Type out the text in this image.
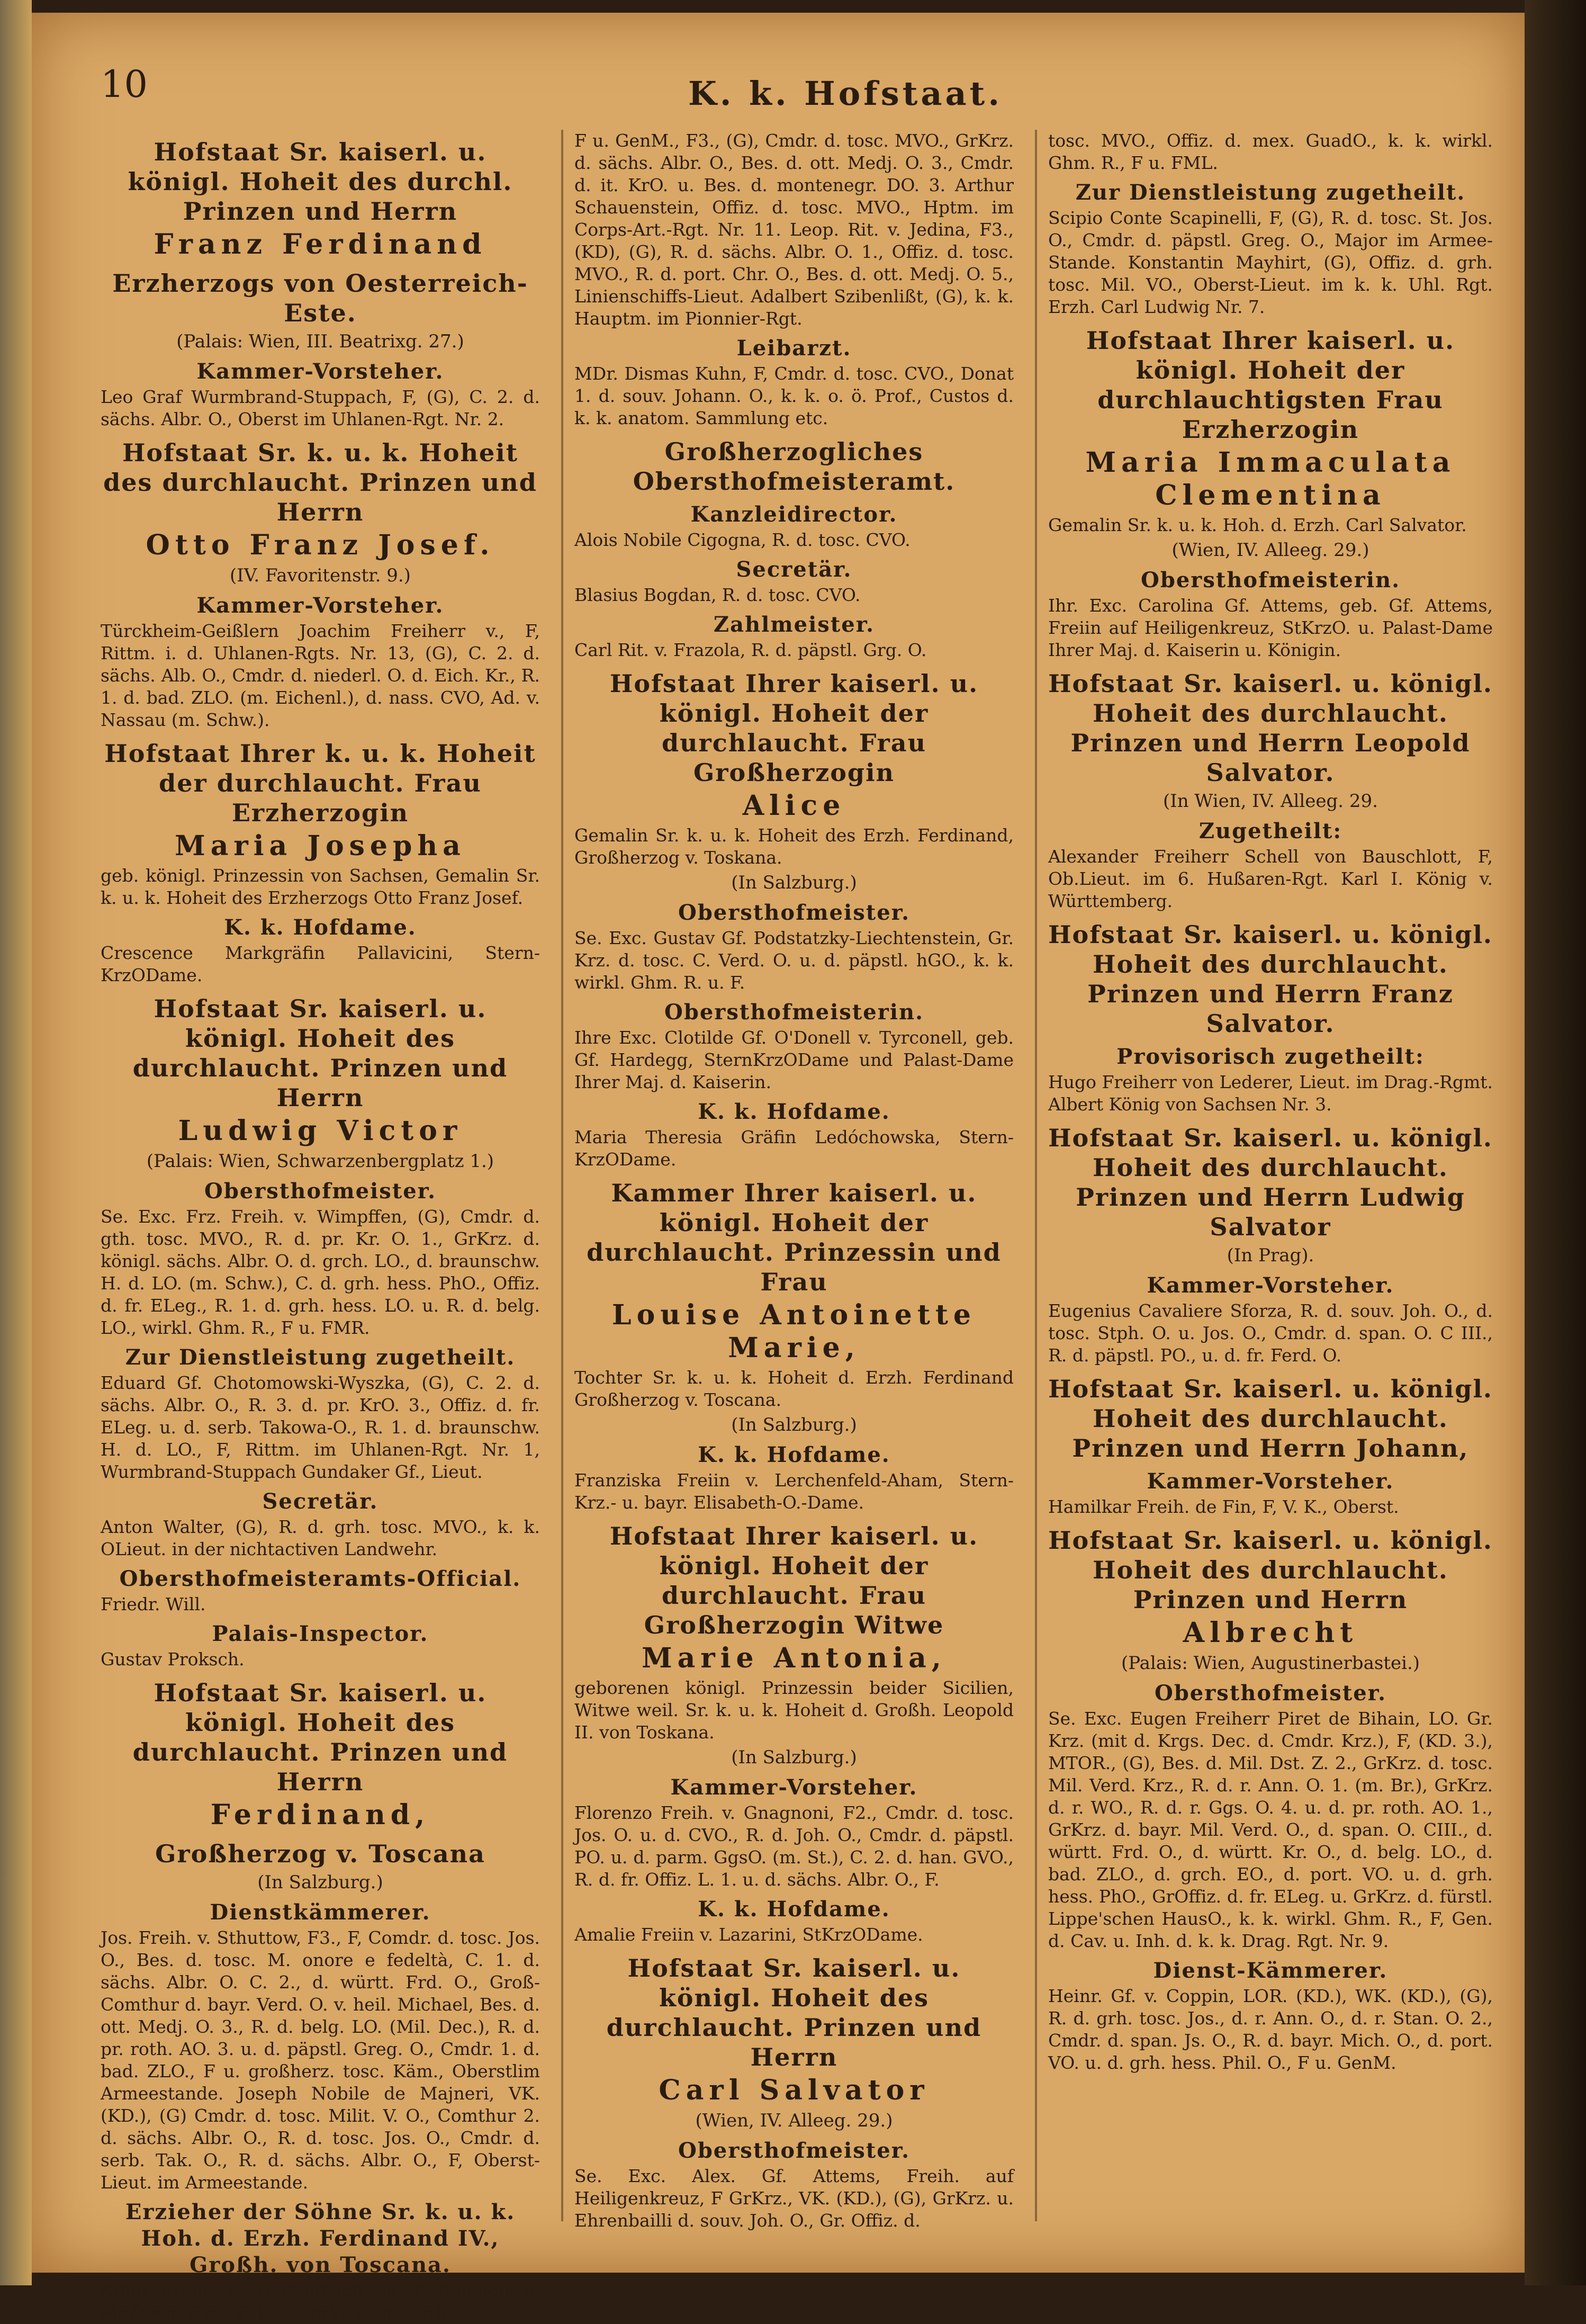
10	K. k. Hofstaat.
Hofstaat Sr. kaiserl. u. königl. Hoheit des durchl. Prinzen und Herrn
Franz Ferdinand
Erzherzogs von Oesterreich-Este.
(Palais: Wien, III. Beatrixg. 27.)
Kammer-Vorsteher.
Leo Graf Wurmbrand-Stuppach, F, (G), C. 2. d. sächs. Albr. O., Oberst im Uhlanen-Rgt. Nr. 2.
Hofstaat Sr. k. u. k. Hoheit des durchlaucht. Prinzen und Herrn
Otto Franz Josef.
(IV. Favoritenstr. 9.)
Kammer-Vorsteher.
Türckheim-Geißlern Joachim Freiherr v., F, Rittm. i. d. Uhlanen-Rgts. Nr. 13, (G), C. 2. d. sächs. Alb. O., Cmdr. d. niederl. O. d. Eich. Kr., R. 1. d. bad. ZLO. (m. Eichenl.), d. nass. CVO, Ad. v. Nassau (m. Schw.).
Hofstaat Ihrer k. u. k. Hoheit der durchlaucht. Frau Erzherzogin
Maria Josepha
geb. königl. Prinzessin von Sachsen, Gemalin Sr. k. u. k. Hoheit des Erzherzogs Otto Franz Josef.
K. k. Hofdame.
Crescence Markgräfin Pallavicini, Stern-KrzODame.
Hofstaat Sr. kaiserl. u. königl. Hoheit des durchlaucht. Prinzen und Herrn
Ludwig Victor
(Palais: Wien, Schwarzenbergplatz 1.)
Obersthofmeister.
Se. Exc. Frz. Freih. v. Wimpffen, (G), Cmdr. d. gth. tosc. MVO., R. d. pr. Kr. O. 1., GrKrz. d. königl. sächs. Albr. O. d. grch. LO., d. braunschw. H. d. LO. (m. Schw.), C. d. grh. hess. PhO., Offiz. d. fr. ELeg., R. 1. d. grh. hess. LO. u. R. d. belg. LO., wirkl. Ghm. R., F u. FMR.
Zur Dienstleistung zugetheilt.
Eduard Gf. Chotomowski-Wyszka, (G), C. 2. d. sächs. Albr. O., R. 3. d. pr. KrO. 3., Offiz. d. fr. ELeg. u. d. serb. Takowa-O., R. 1. d. braunschw. H. d. LO., F, Rittm. im Uhlanen-Rgt. Nr. 1, Wurmbrand-Stuppach Gundaker Gf., Lieut.
Secretär.
Anton Walter, (G), R. d. grh. tosc. MVO., k. k. OLieut. in der nichtactiven Landwehr.
Obersthofmeisteramts-Official.
Friedr. Will.
Palais-Inspector.
Gustav Proksch.
Hofstaat Sr. kaiserl. u. königl. Hoheit des durchlaucht. Prinzen und Herrn
Ferdinand,
Großherzog v. Toscana
(In Salzburg.)
Dienstkämmerer.
Jos. Freih. v. Sthuttow, F3., F, Comdr. d. tosc. Jos. O., Bes. d. tosc. M. onore e fedeltà, C. 1. d. sächs. Albr. O. C. 2., d. württ. Frd. O., Groß-Comthur d. bayr. Verd. O. v. heil. Michael, Bes. d. ott. Medj. O. 3., R. d. belg. LO. (Mil. Dec.), R. d. pr. roth. AO. 3. u. d. päpstl. Greg. O., Cmdr. 1. d. bad. ZLO., F u. großherz. tosc. Käm., Oberstlim Armeestande. Joseph Nobile de Majneri, VK. (KD.), (G) Cmdr. d. tosc. Milit. V. O., Comthur 2. d. sächs. Albr. O., R. d. tosc. Jos. O., Cmdr. d. serb. Tak. O., R. d. sächs. Albr. O., F, Oberst-Lieut. im Armeestande.
Erzieher der Söhne Sr. k. u. k. Hoh. d. Erzh. Ferdinand IV., Großh. von Toscana.
Albin Freih. v. Teuffenbach zu Tiefenbach u. Maßweg, Exc., F, k. k. wirkl. Geh.-Rath,
F u. GenM., F3., (G), Cmdr. d. tosc. MVO., GrKrz. d. sächs. Albr. O., Bes. d. ott. Medj. O. 3., Cmdr. d. it. KrO. u. Bes. d. montenegr. DO. 3. Arthur Schauenstein, Offiz. d. tosc. MVO., Hptm. im Corps-Art.-Rgt. Nr. 11. Leop. Rit. v. Jedina, F3., (KD), (G), R. d. sächs. Albr. O. 1., Offiz. d. tosc. MVO., R. d. port. Chr. O., Bes. d. ott. Medj. O. 5., Linienschiffs-Lieut. Adalbert Szibenlißt, (G), k. k. Hauptm. im Pionnier-Rgt.
Leibarzt.
MDr. Dismas Kuhn, F, Cmdr. d. tosc. CVO., Donat 1. d. souv. Johann. O., k. k. o. ö. Prof., Custos d. k. k. anatom. Sammlung etc.
Großherzogliches Obersthofmeisteramt.
Kanzleidirector.
Alois Nobile Cigogna, R. d. tosc. CVO.
Secretär.
Blasius Bogdan, R. d. tosc. CVO.
Zahlmeister.
Carl Rit. v. Frazola, R. d. päpstl. Grg. O.
Hofstaat Ihrer kaiserl. u. königl. Hoheit der durchlaucht. Frau Großherzogin
Alice
Gemalin Sr. k. u. k. Hoheit des Erzh. Ferdinand, Großherzog v. Toskana.
(In Salzburg.)
Obersthofmeister.
Se. Exc. Gustav Gf. Podstatzky-Liechtenstein, Gr. Krz. d. tosc. C. Verd. O. u. d. päpstl. hGO., k. k. wirkl. Ghm. R. u. F.
Obersthofmeisterin.
Ihre Exc. Clotilde Gf. O'Donell v. Tyrconell, geb. Gf. Hardegg, SternKrzODame und Palast-Dame Ihrer Maj. d. Kaiserin.
K. k. Hofdame.
Maria Theresia Gräfin Ledóchowska, Stern-KrzODame.
Kammer Ihrer kaiserl. u. königl. Hoheit der durchlaucht. Prinzessin und Frau
Louise Antoinette Marie,
Tochter Sr. k. u. k. Hoheit d. Erzh. Ferdinand Großherzog v. Toscana.
(In Salzburg.)
K. k. Hofdame.
Franziska Freiin v. Lerchenfeld-Aham, Stern-Krz.- u. bayr. Elisabeth-O.-Dame.
Hofstaat Ihrer kaiserl. u. königl. Hoheit der durchlaucht. Frau Großherzogin Witwe
Marie Antonia,
geborenen königl. Prinzessin beider Sicilien, Witwe weil. Sr. k. u. k. Hoheit d. Großh. Leopold II. von Toskana.
(In Salzburg.)
Kammer-Vorsteher.
Florenzo Freih. v. Gnagnoni, F2., Cmdr. d. tosc. Jos. O. u. d. CVO., R. d. Joh. O., Cmdr. d. päpstl. PO. u. d. parm. GgsO. (m. St.), C. 2. d. han. GVO., R. d. fr. Offiz. L. 1. u. d. sächs. Albr. O., F.
K. k. Hofdame.
Amalie Freiin v. Lazarini, StKrzODame.
Hofstaat Sr. kaiserl. u. königl. Hoheit des durchlaucht. Prinzen und Herrn
Carl Salvator
(Wien, IV. Alleeg. 29.)
Obersthofmeister.
Se. Exc. Alex. Gf. Attems, Freih. auf Heiligenkreuz, F GrKrz., VK. (KD.), (G), GrKrz. u. Ehrenbailli d. souv. Joh. O., Gr. Offiz. d.
tosc. MVO., Offiz. d. mex. GuadO., k. k. wirkl. Ghm. R., F u. FML.
Zur Dienstleistung zugetheilt.
Scipio Conte Scapinelli, F, (G), R. d. tosc. St. Jos. O., Cmdr. d. päpstl. Greg. O., Major im Armee-Stande. Konstantin Mayhirt, (G), Offiz. d. grh. tosc. Mil. VO., Oberst-Lieut. im k. k. Uhl. Rgt. Erzh. Carl Ludwig Nr. 7.
Hofstaat Ihrer kaiserl. u. königl. Hoheit der durchlauchtigsten Frau Erzherzogin
Maria Immaculata Clementina
Gemalin Sr. k. u. k. Hoh. d. Erzh. Carl Salvator.
(Wien, IV. Alleeg. 29.)
Obersthofmeisterin.
Ihr. Exc. Carolina Gf. Attems, geb. Gf. Attems, Freiin auf Heiligenkreuz, StKrzO. u. Palast-Dame Ihrer Maj. d. Kaiserin u. Königin.
Hofstaat Sr. kaiserl. u. königl. Hoheit des durchlaucht. Prinzen und Herrn Leopold Salvator.
(In Wien, IV. Alleeg. 29.
Zugetheilt:
Alexander Freiherr Schell von Bauschlott, F, Ob.Lieut. im 6. Hußaren-Rgt. Karl I. König v. Württemberg.
Hofstaat Sr. kaiserl. u. königl. Hoheit des durchlaucht. Prinzen und Herrn Franz Salvator.
Provisorisch zugetheilt:
Hugo Freiherr von Lederer, Lieut. im Drag.-Rgmt. Albert König von Sachsen Nr. 3.
Hofstaat Sr. kaiserl. u. königl. Hoheit des durchlaucht. Prinzen und Herrn Ludwig Salvator
(In Prag).
Kammer-Vorsteher.
Eugenius Cavaliere Sforza, R. d. souv. Joh. O., d. tosc. Stph. O. u. Jos. O., Cmdr. d. span. O. C III., R. d. päpstl. PO., u. d. fr. Ferd. O.
Hofstaat Sr. kaiserl. u. königl. Hoheit des durchlaucht. Prinzen und Herrn Johann,
Kammer-Vorsteher.
Hamilkar Freih. de Fin, F, V. K., Oberst.
Hofstaat Sr. kaiserl. u. königl. Hoheit des durchlaucht. Prinzen und Herrn
Albrecht
(Palais: Wien, Augustinerbastei.)
Obersthofmeister.
Se. Exc. Eugen Freiherr Piret de Bihain, LO. Gr. Krz. (mit d. Krgs. Dec. d. Cmdr. Krz.), F, (KD. 3.), MTOR., (G), Bes. d. Mil. Dst. Z. 2., GrKrz. d. tosc. Mil. Verd. Krz., R. d. r. Ann. O. 1. (m. Br.), GrKrz. d. r. WO., R. d. r. Ggs. O. 4. u. d. pr. roth. AO. 1., GrKrz. d. bayr. Mil. Verd. O., d. span. O. CIII., d. württ. Frd. O., d. württ. Kr. O., d. belg. LO., d. bad. ZLO., d. grch. EO., d. port. VO. u. d. grh. hess. PhO., GrOffiz. d. fr. ELeg. u. GrKrz. d. fürstl. Lippe'schen HausO., k. k. wirkl. Ghm. R., F, Gen. d. Cav. u. Inh. d. k. k. Drag. Rgt. Nr. 9.
Dienst-Kämmerer.
Heinr. Gf. v. Coppin, LOR. (KD.), WK. (KD.), (G), R. d. grh. tosc. Jos., d. r. Ann. O., d. r. Stan. O. 2., Cmdr. d. span. Js. O., R. d. bayr. Mich. O., d. port. VO. u. d. grh. hess. Phil. O., F u. GenM.
